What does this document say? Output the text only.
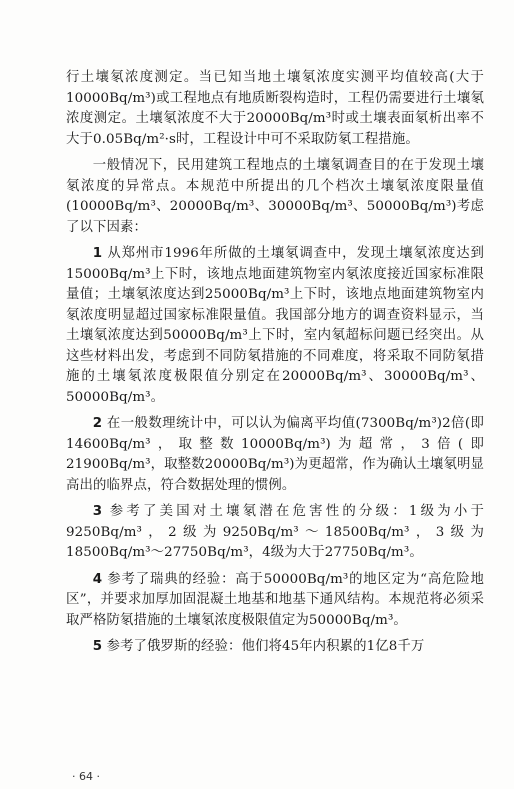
行土壤氡浓度测定。当已知当地土壤氡浓度实测平均值较高(大于10000Bq/m³)或工程地点有地质断裂构造时，工程仍需要进行土壤氡浓度测定。土壤氡浓度不大于20000Bq/m³时或土壤表面氡析出率不大于0.05Bq/m²·s时，工程设计中可不采取防氡工程措施。

一般情况下，民用建筑工程地点的土壤氡调查目的在于发现土壤氡浓度的异常点。本规范中所提出的几个档次土壤氡浓度限量值(10000Bq/m³、20000Bq/m³、30000Bq/m³、50000Bq/m³)考虑了以下因素：

1 从郑州市1996年所做的土壤氡调查中，发现土壤氡浓度达到15000Bq/m³上下时，该地点地面建筑物室内氡浓度接近国家标准限量值；土壤氡浓度达到25000Bq/m³上下时，该地点地面建筑物室内氡浓度明显超过国家标准限量值。我国部分地方的调查资料显示，当土壤氡浓度达到50000Bq/m³上下时，室内氡超标问题已经突出。从这些材料出发，考虑到不同防氡措施的不同难度，将采取不同防氡措施的土壤氡浓度极限值分别定在20000Bq/m³、30000Bq/m³、50000Bq/m³。

2 在一般数理统计中，可以认为偏离平均值(7300Bq/m³)2倍(即14600Bq/m³，取整数10000Bq/m³)为超常，3倍(即21900Bq/m³，取整数20000Bq/m³)为更超常，作为确认土壤氡明显高出的临界点，符合数据处理的惯例。

3 参考了美国对土壤氡潜在危害性的分级：1级为小于9250Bq/m³，2级为9250Bq/m³～18500Bq/m³，3级为18500Bq/m³～27750Bq/m³，4级为大于27750Bq/m³。

4 参考了瑞典的经验：高于50000Bq/m³的地区定为“高危险地区”，并要求加厚加固混凝土地基和地基下通风结构。本规范将必须采取严格防氡措施的土壤氡浓度极限值定为50000Bq/m³。

5 参考了俄罗斯的经验：他们将45年内积累的1亿8千万

· 64 ·
